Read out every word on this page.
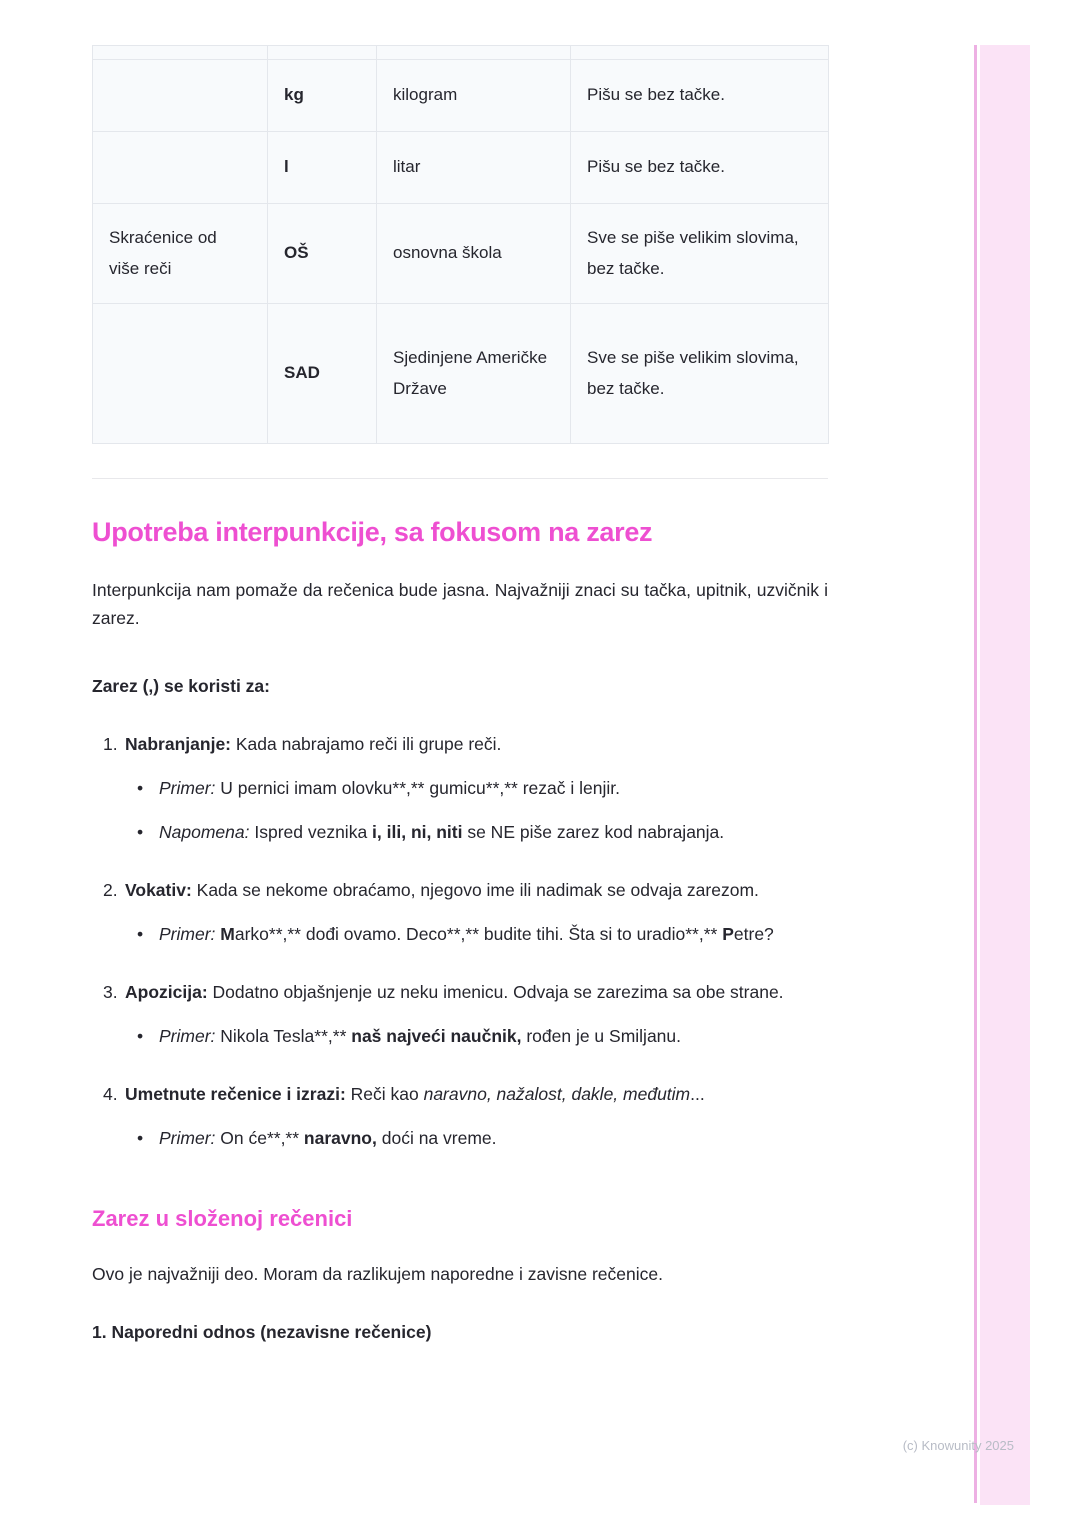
	kg	kilogram	Pišu se bez tačke.
	l	litar	Pišu se bez tačke.
Skraćenice od više reči	OŠ	osnovna škola	Sve se piše velikim slovima, bez tačke.
	SAD	Sjedinjene Američke Države	Sve se piše velikim slovima, bez tačke.
Upotreba interpunkcije, sa fokusom na zarez

Interpunkcija nam pomaže da rečenica bude jasna. Najvažniji znaci su tačka, upitnik, uzvičnik i zarez.

Zarez (,) se koristi za:

1. Nabranjanje: Kada nabrajamo reči ili grupe reči.
• Primer: U pernici imam olovku**,** gumicu**,** rezač i lenjir.
• Napomena: Ispred veznika i, ili, ni, niti se NE piše zarez kod nabrajanja.
2. Vokativ: Kada se nekome obraćamo, njegovo ime ili nadimak se odvaja zarezom.
• Primer: Marko**,** dođi ovamo. Deco**,** budite tihi. Šta si to uradio**,** Petre?
3. Apozicija: Dodatno objašnjenje uz neku imenicu. Odvaja se zarezima sa obe strane.
• Primer: Nikola Tesla**,** naš najveći naučnik, rođen je u Smiljanu.
4. Umetnute rečenice i izrazi: Reči kao naravno, nažalost, dakle, međutim...
• Primer: On će**,** naravno, doći na vreme.
Zarez u složenoj rečenici

Ovo je najvažniji deo. Moram da razlikujem naporedne i zavisne rečenice.

1. Naporedni odnos (nezavisne rečenice)

(c) Knowunity 2025
